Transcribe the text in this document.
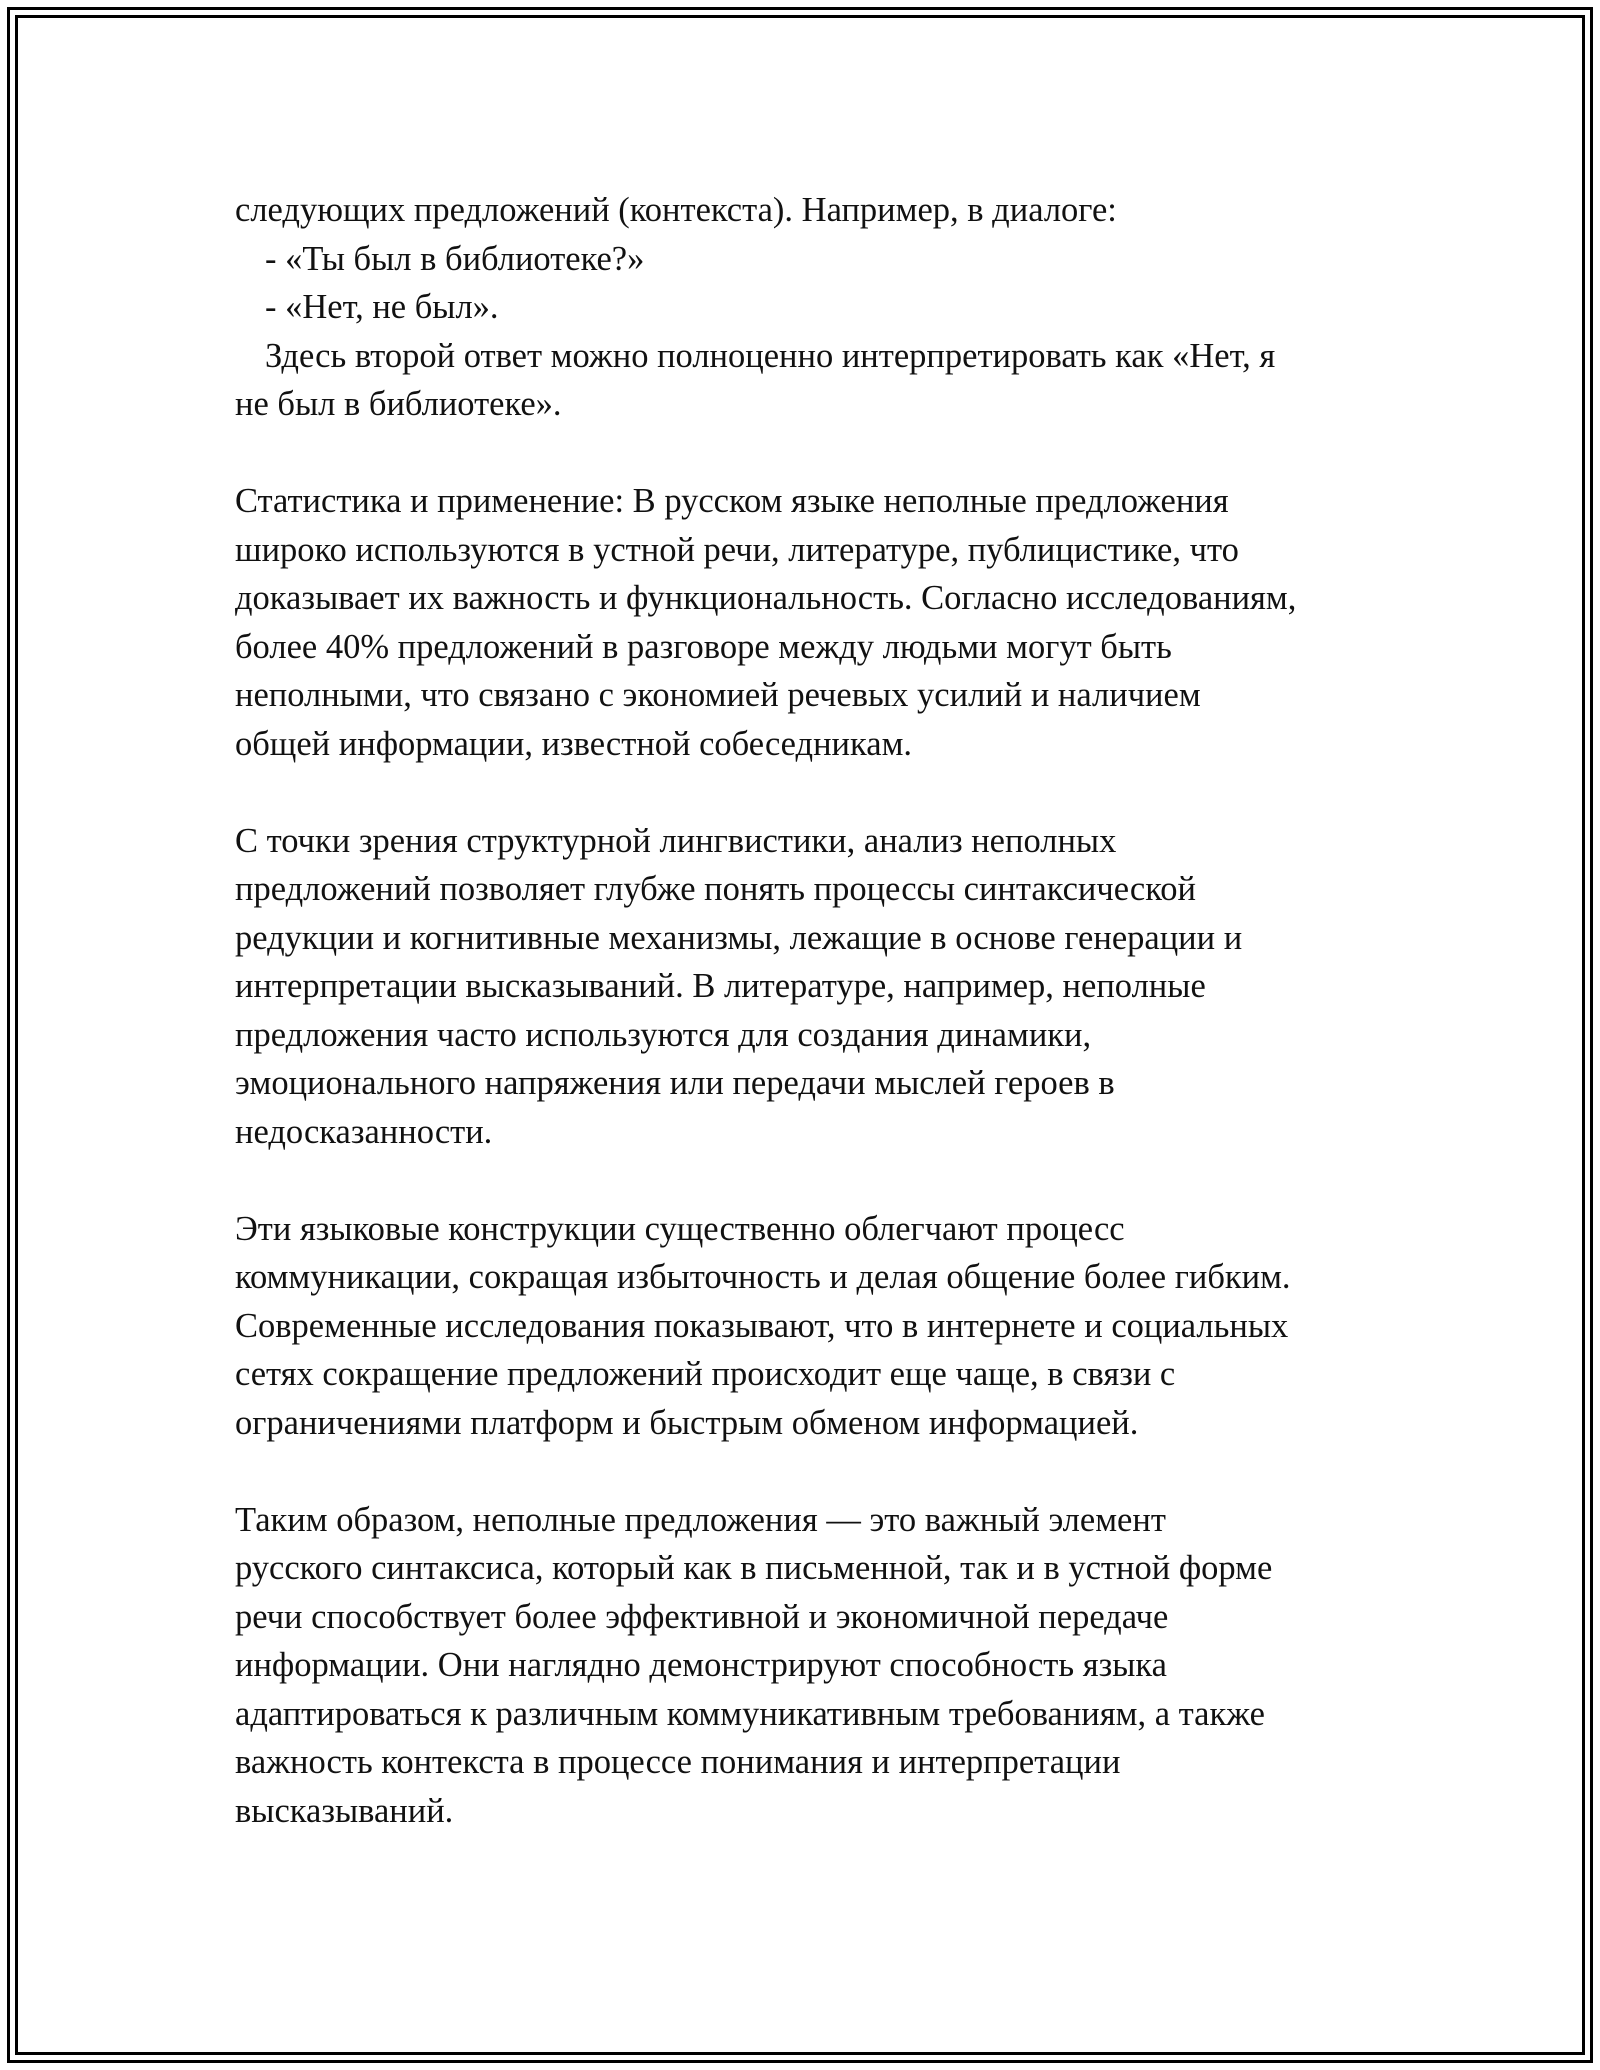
следующих предложений (контекста). Например, в диалоге:
- «Ты был в библиотеке?»
- «Нет, не был».
Здесь второй ответ можно полноценно интерпретировать как «Нет, я
не был в библиотеке».
Статистика и применение: В русском языке неполные предложения
широко используются в устной речи, литературе, публицистике, что
доказывает их важность и функциональность. Согласно исследованиям,
более 40% предложений в разговоре между людьми могут быть
неполными, что связано с экономией речевых усилий и наличием
общей информации, известной собеседникам.
С точки зрения структурной лингвистики, анализ неполных
предложений позволяет глубже понять процессы синтаксической
редукции и когнитивные механизмы, лежащие в основе генерации и
интерпретации высказываний. В литературе, например, неполные
предложения часто используются для создания динамики,
эмоционального напряжения или передачи мыслей героев в
недосказанности.
Эти языковые конструкции существенно облегчают процесс
коммуникации, сокращая избыточность и делая общение более гибким.
Современные исследования показывают, что в интернете и социальных
сетях сокращение предложений происходит еще чаще, в связи с
ограничениями платформ и быстрым обменом информацией.
Таким образом, неполные предложения — это важный элемент
русского синтаксиса, который как в письменной, так и в устной форме
речи способствует более эффективной и экономичной передаче
информации. Они наглядно демонстрируют способность языка
адаптироваться к различным коммуникативным требованиям, а также
важность контекста в процессе понимания и интерпретации
высказываний.
